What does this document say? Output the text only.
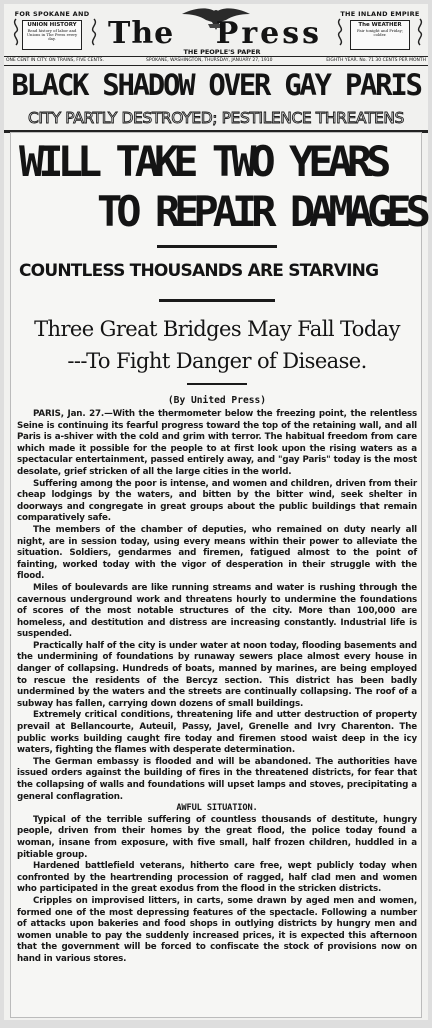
FOR SPOKANE AND
UNION HISTORY
Read history of labor and Unions in The Press every day.	The Press
THE PEOPLE'S PAPER
THE INLAND EMPIRE
The WEATHER
Fair tonight and Friday; colder.
ONE CENT IN CITY. ON TRAINS, FIVE CENTS.	SPOKANE, WASHINGTON, THURSDAY, JANUARY 27, 1910	EIGHTH YEAR. No. 71 30 CENTS PER MONTH
BLACK SHADOW OVER GAY PARIS
CITY PARTLY DESTROYED; PESTILENCE THREATENS
WILL TAKE TWO YEARS
TO REPAIR DAMAGES
COUNTLESS THOUSANDS ARE STARVING
Three Great Bridges May Fall Today
---To Fight Danger of Disease.
(By United Press)

PARIS, Jan. 27.—With the thermometer below the freezing point, the relentless Seine is continuing its fearful progress toward the top of the retaining wall, and all Paris is a-shiver with the cold and grim with terror. The habitual freedom from care which made it possible for the people to at first look upon the rising waters as a spectacular entertainment, passed entirely away, and "gay Paris" today is the most desolate, grief stricken of all the large cities in the world.

Suffering among the poor is intense, and women and children, driven from their cheap lodgings by the waters, and bitten by the bitter wind, seek shelter in doorways and congregate in great groups about the public buildings that remain comparatively safe.

The members of the chamber of deputies, who remained on duty nearly all night, are in session today, using every means within their power to alleviate the situation. Soldiers, gendarmes and firemen, fatigued almost to the point of fainting, worked today with the vigor of desperation in their struggle with the flood.

Miles of boulevards are like running streams and water is rushing through the cavernous underground work and threatens hourly to undermine the foundations of scores of the most notable structures of the city. More than 100,000 are homeless, and destitution and distress are increasing constantly. Industrial life is suspended.

Practically half of the city is under water at noon today, flooding basements and the undermining of foundations by runaway sewers place almost every house in danger of collapsing. Hundreds of boats, manned by marines, are being employed to rescue the residents of the Bercyz section. This district has been badly undermined by the waters and the streets are continually collapsing. The roof of a subway has fallen, carrying down dozens of small buildings.

Extremely critical conditions, threatening life and utter destruction of property prevail at Bellancourte, Auteuil, Passy, Javel, Grenelle and Ivry Charenton. The public works building caught fire today and firemen stood waist deep in the icy waters, fighting the flames with desperate determination.

The German embassy is flooded and will be abandoned. The authorities have issued orders against the building of fires in the threatened districts, for fear that the collapsing of walls and foundations will upset lamps and stoves, precipitating a general conflagration.

AWFUL SITUATION.

Typical of the terrible suffering of countless thousands of destitute, hungry people, driven from their homes by the great flood, the police today found a woman, insane from exposure, with five small, half frozen children, huddled in a pitiable group.

Hardened battlefield veterans, hitherto care free, wept publicly today when confronted by the heartrending procession of ragged, half clad men and women who participated in the great exodus from the flood in the stricken districts.

Cripples on improvised litters, in carts, some drawn by aged men and women, formed one of the most depressing features of the spectacle. Following a number of attacks upon bakeries and food shops in outlying districts by hungry men and women unable to pay the suddenly increased prices, it is expected this afternoon that the government will be forced to confiscate the stock of provisions now on hand in various stores.
